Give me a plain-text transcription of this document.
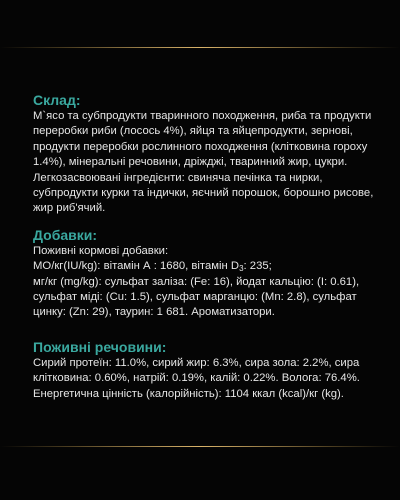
Склад:

М`ясо та субпродукти тваринного походження, риба та продукти переробки риби (лосось 4%), яйця та яйцепродукти, зернові, продукти переробки рослинного походження (клітковина гороху 1.4%), мінеральні речовини, дріжджі, тваринний жир, цукри.

Легкозасвоювані інгредієнти: свиняча печінка та нирки, субпродукти курки та індички, яєчний порошок, борошно рисове, жир риб'ячий.

Добавки:

Поживні кормові добавки:

МО/кг(IU/kg): вітамін А : 1680, вітамін $D_3$: 235;

мг/кг (mg/kg): сульфат заліза: (Fe: 16), йодат кальцію: (I: 0.61), сульфат міді: (Cu: 1.5), сульфат марганцю: (Mn: 2.8), сульфат цинку: (Zn: 29), таурин: 1 681. Ароматизатори.

Поживні речовини:

Сирий протеїн: 11.0%, сирий жир: 6.3%, сира зола: 2.2%, сира клітковина: 0.60%, натрій: 0.19%, калій: 0.22%. Волога: 76.4%. Енергетична цінність (калорійність): 1104 ккал (kcal)/кг (kg).
